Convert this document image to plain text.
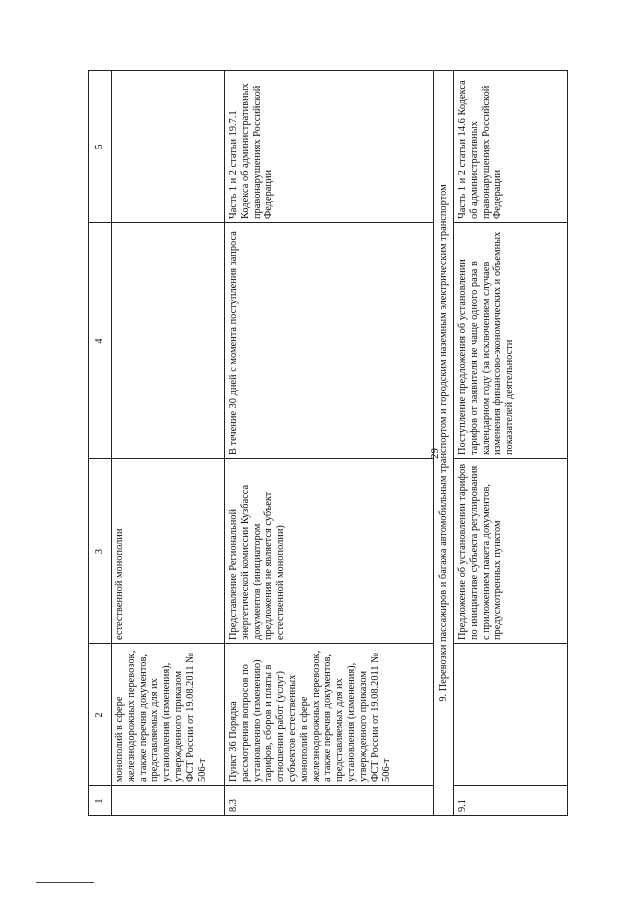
29
1
2
3
4
5
монополий в сфере железнодорожных перевозок, а также перечня документов, представляемых для их установления (изменения), утвержденного приказом ФСТ России от 19.08.2011 № 506-т
естественной монополии
8.3
Пункт 36 Порядка рассмотрения вопросов по установлению (изменению) тарифов, сборов и платы в отношении работ (услуг) субъектов естественных монополий в сфере железнодорожных перевозок, а также перечня документов, представляемых для их установления (изменения), утвержденного приказом ФСТ России от 19.08.2011 № 506-т
Представление Региональной энергетической комиссии Кузбасса документов (инициатором предложения не является субъект естественной монополии)
В течение 30 дней с момента поступления запроса
Часть 1 и 2 статьи 19.7.1 Кодекса об административных правонарушениях Российской Федерации	9. Перевозки пассажиров и багажа автомобильным транспортом и городским наземным электрическим транспортом
9.1
Предложение об установлении тарифов по инициативе субъекта регулирования с приложением пакета документов, предусмотренных пунктом
Поступление предложения об установлении тарифов от заявителя не чаще одного раза в календарном году (за исключением случаев изменения финансово-экономических и объемных показателей деятельности
Часть 1 и 2 статьи 14.6 Кодекса об административных правонарушениях Российской Федерации
